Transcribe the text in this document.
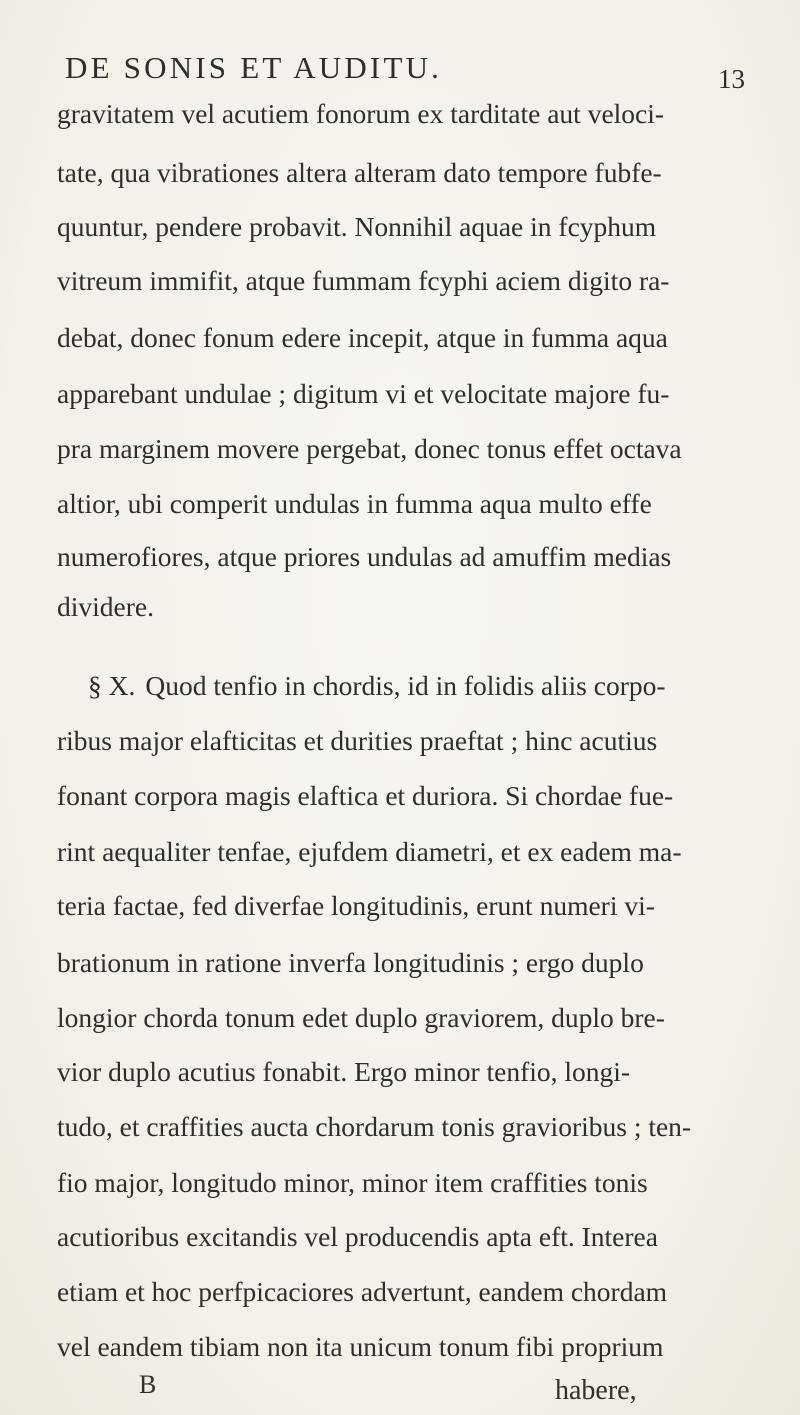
DE SONIS ET AUDITU.	13
gravitatem vel acutiem fonorum ex tarditate aut veloci-
tate, qua vibrationes altera alteram dato tempore fubfe-
quuntur, pendere probavit. Nonnihil aquae in fcyphum
vitreum immifit, atque fummam fcyphi aciem digito ra-
debat, donec fonum edere incepit, atque in fumma aqua
apparebant undulae ; digitum vi et velocitate majore fu-
pra marginem movere pergebat, donec tonus effet octava
altior, ubi comperit undulas in fumma aqua multo effe
numerofiores, atque priores undulas ad amuffim medias
dividere.
§ X. Quod tenfio in chordis, id in folidis aliis corpo-
ribus major elafticitas et durities praeftat ; hinc acutius
fonant corpora magis elaftica et duriora. Si chordae fue-
rint aequaliter tenfae, ejufdem diametri, et ex eadem ma-
teria factae, fed diverfae longitudinis, erunt numeri vi-
brationum in ratione inverfa longitudinis ; ergo duplo
longior chorda tonum edet duplo graviorem, duplo bre-
vior duplo acutius fonabit. Ergo minor tenfio, longi-
tudo, et craffities aucta chordarum tonis gravioribus ; ten-
fio major, longitudo minor, minor item craffities tonis
acutioribus excitandis vel producendis apta eft. Interea
etiam et hoc perfpicaciores advertunt, eandem chordam
vel eandem tibiam non ita unicum tonum fibi proprium
B	habere,
